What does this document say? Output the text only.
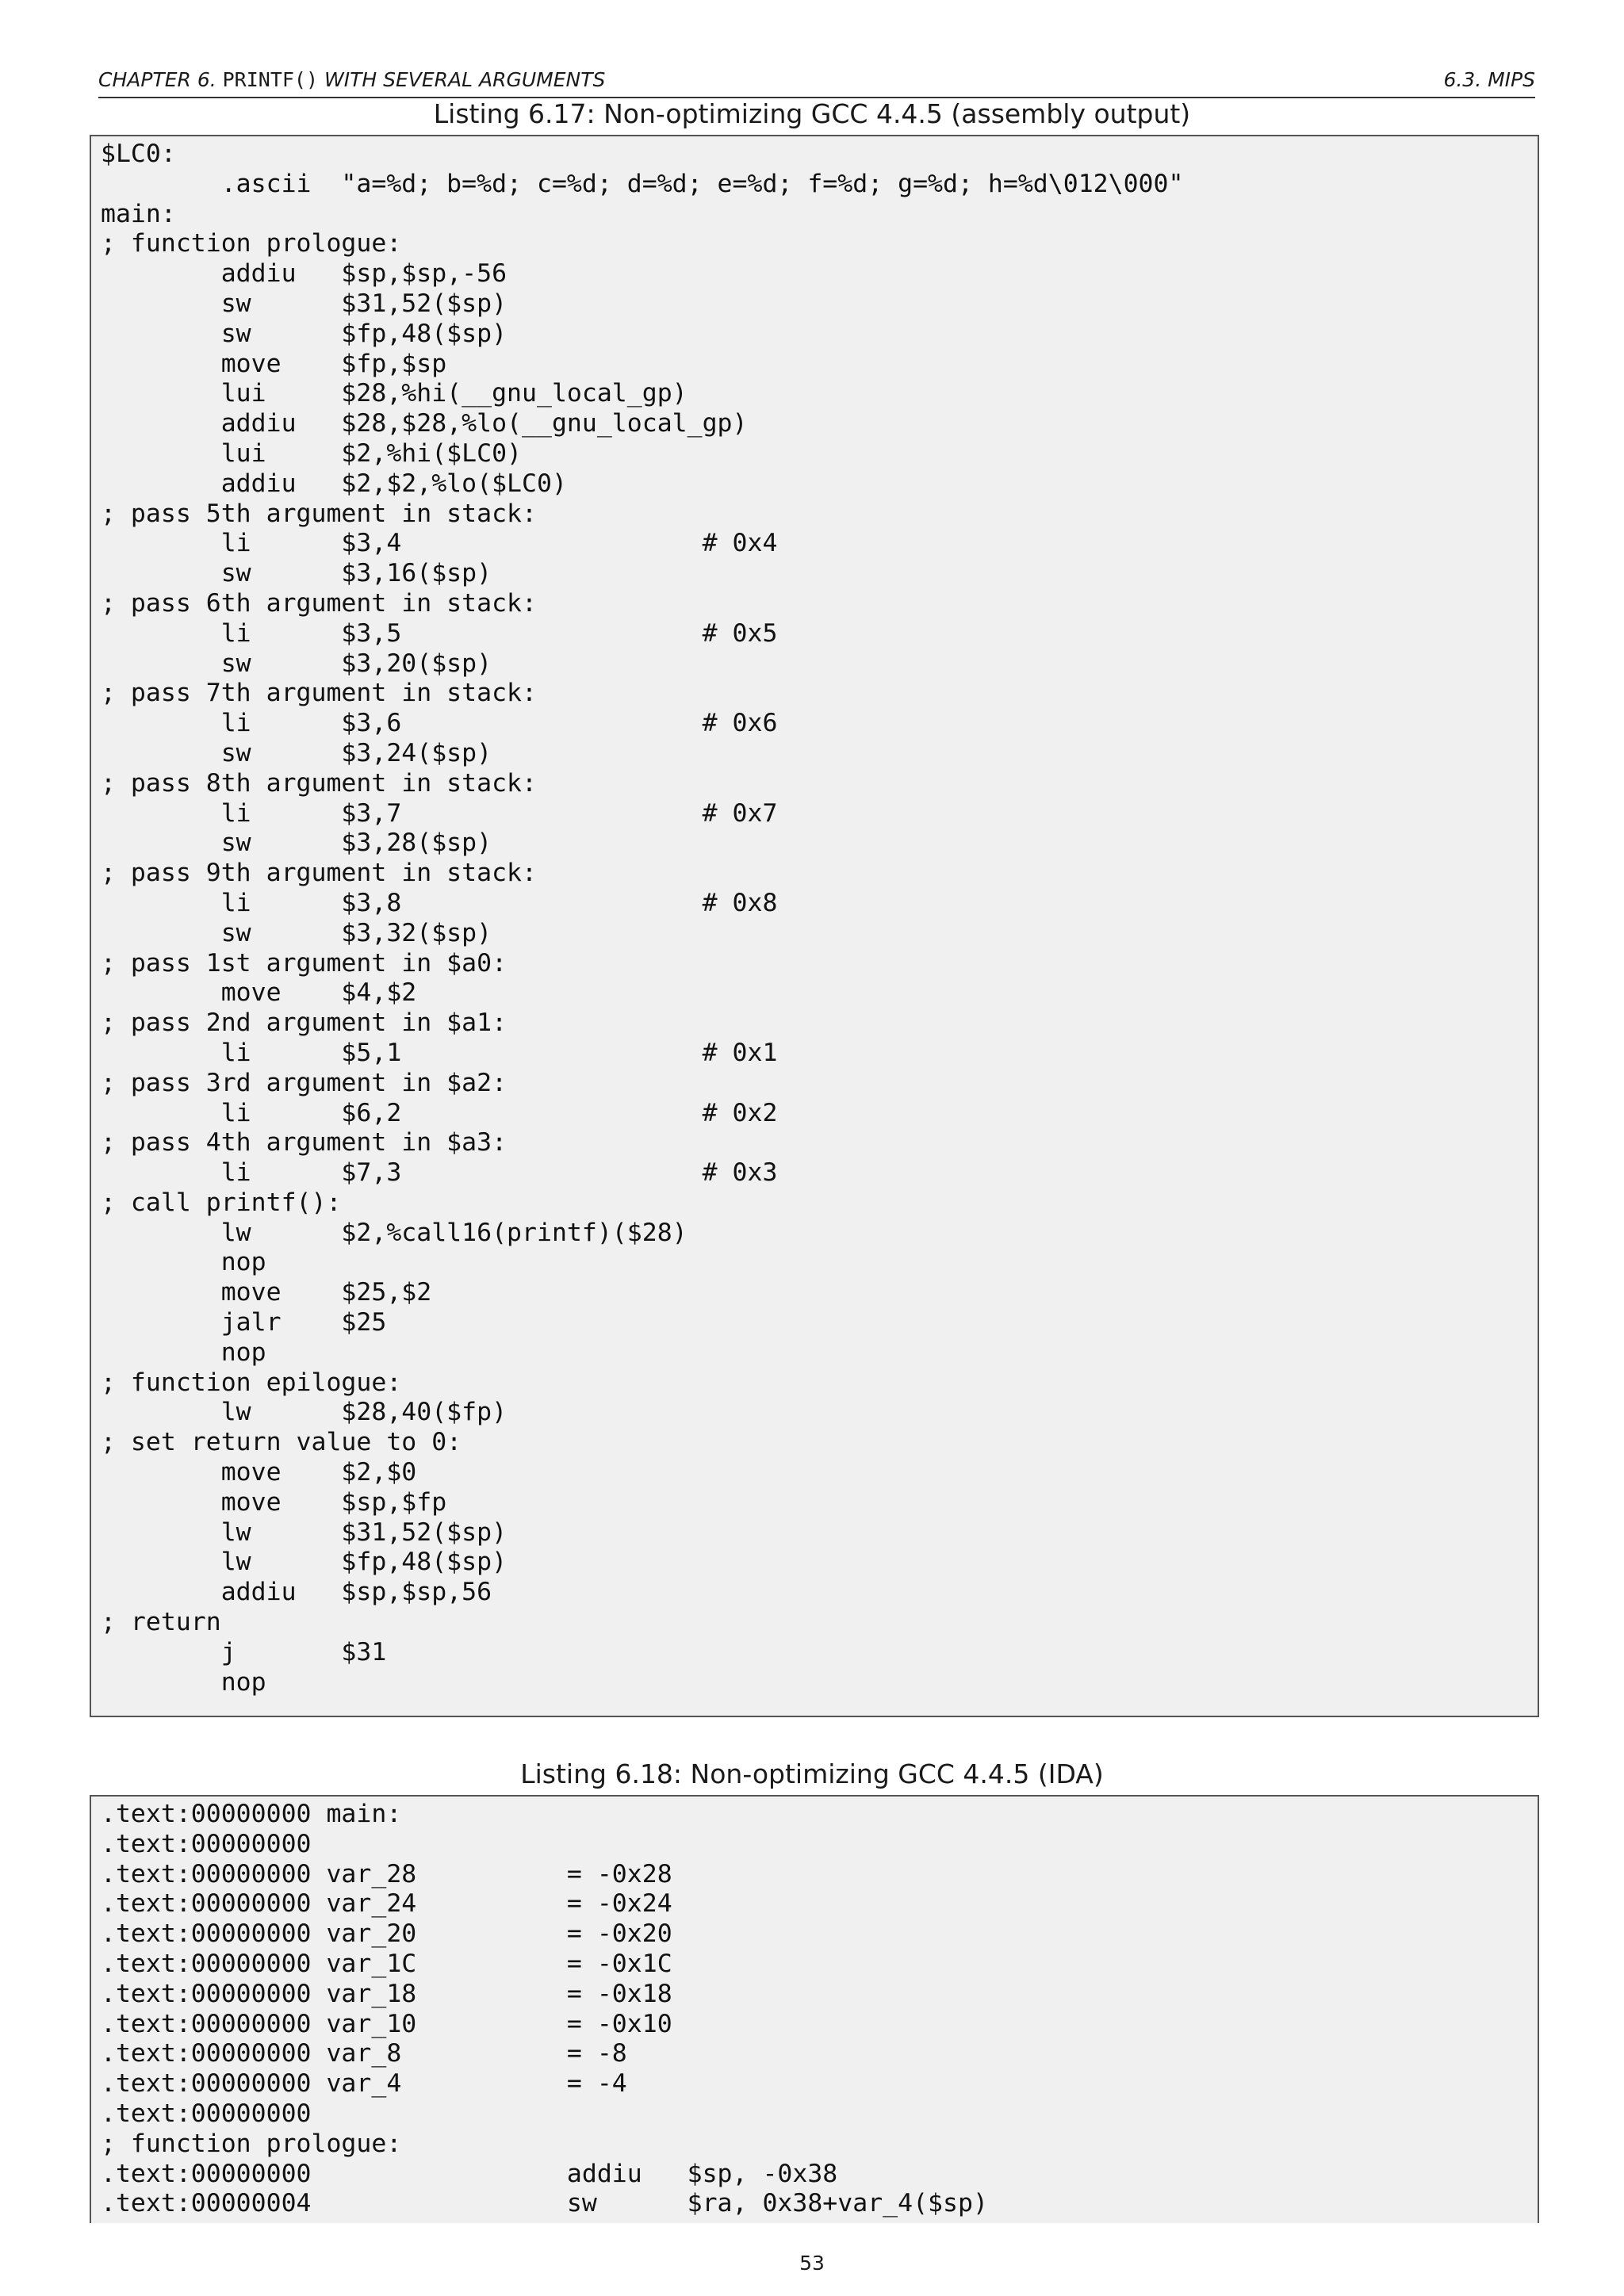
CHAPTER 6. PRINTF() WITH SEVERAL ARGUMENTS	6.3. MIPS
Listing 6.17: Non-optimizing GCC 4.4.5 (assembly output)
$LC0:
.ascii  "a=%d; b=%d; c=%d; d=%d; e=%d; f=%d; g=%d; h=%d\012\000"
main:
; function prologue:
addiu   $sp,$sp,-56
sw      $31,52($sp)
sw      $fp,48($sp)
move    $fp,$sp
lui     $28,%hi(__gnu_local_gp)
addiu   $28,$28,%lo(__gnu_local_gp)
lui     $2,%hi($LC0)
addiu   $2,$2,%lo($LC0)
; pass 5th argument in stack:
li      $3,4                    # 0x4
sw      $3,16($sp)
; pass 6th argument in stack:
li      $3,5                    # 0x5
sw      $3,20($sp)
; pass 7th argument in stack:
li      $3,6                    # 0x6
sw      $3,24($sp)
; pass 8th argument in stack:
li      $3,7                    # 0x7
sw      $3,28($sp)
; pass 9th argument in stack:
li      $3,8                    # 0x8
sw      $3,32($sp)
; pass 1st argument in $a0:
move    $4,$2
; pass 2nd argument in $a1:
li      $5,1                    # 0x1
; pass 3rd argument in $a2:
li      $6,2                    # 0x2
; pass 4th argument in $a3:
li      $7,3                    # 0x3
; call printf():
lw      $2,%call16(printf)($28)
nop
move    $25,$2
jalr    $25
nop
; function epilogue:
lw      $28,40($fp)
; set return value to 0:
move    $2,$0
move    $sp,$fp
lw      $31,52($sp)
lw      $fp,48($sp)
addiu   $sp,$sp,56
; return
j       $31
nop
Listing 6.18: Non-optimizing GCC 4.4.5 (IDA)
.text:00000000 main:
.text:00000000
.text:00000000 var_28          = -0x28
.text:00000000 var_24          = -0x24
.text:00000000 var_20          = -0x20
.text:00000000 var_1C          = -0x1C
.text:00000000 var_18          = -0x18
.text:00000000 var_10          = -0x10
.text:00000000 var_8           = -8
.text:00000000 var_4           = -4
.text:00000000
; function prologue:
.text:00000000                 addiu   $sp, -0x38
.text:00000004                 sw      $ra, 0x38+var_4($sp)
53
